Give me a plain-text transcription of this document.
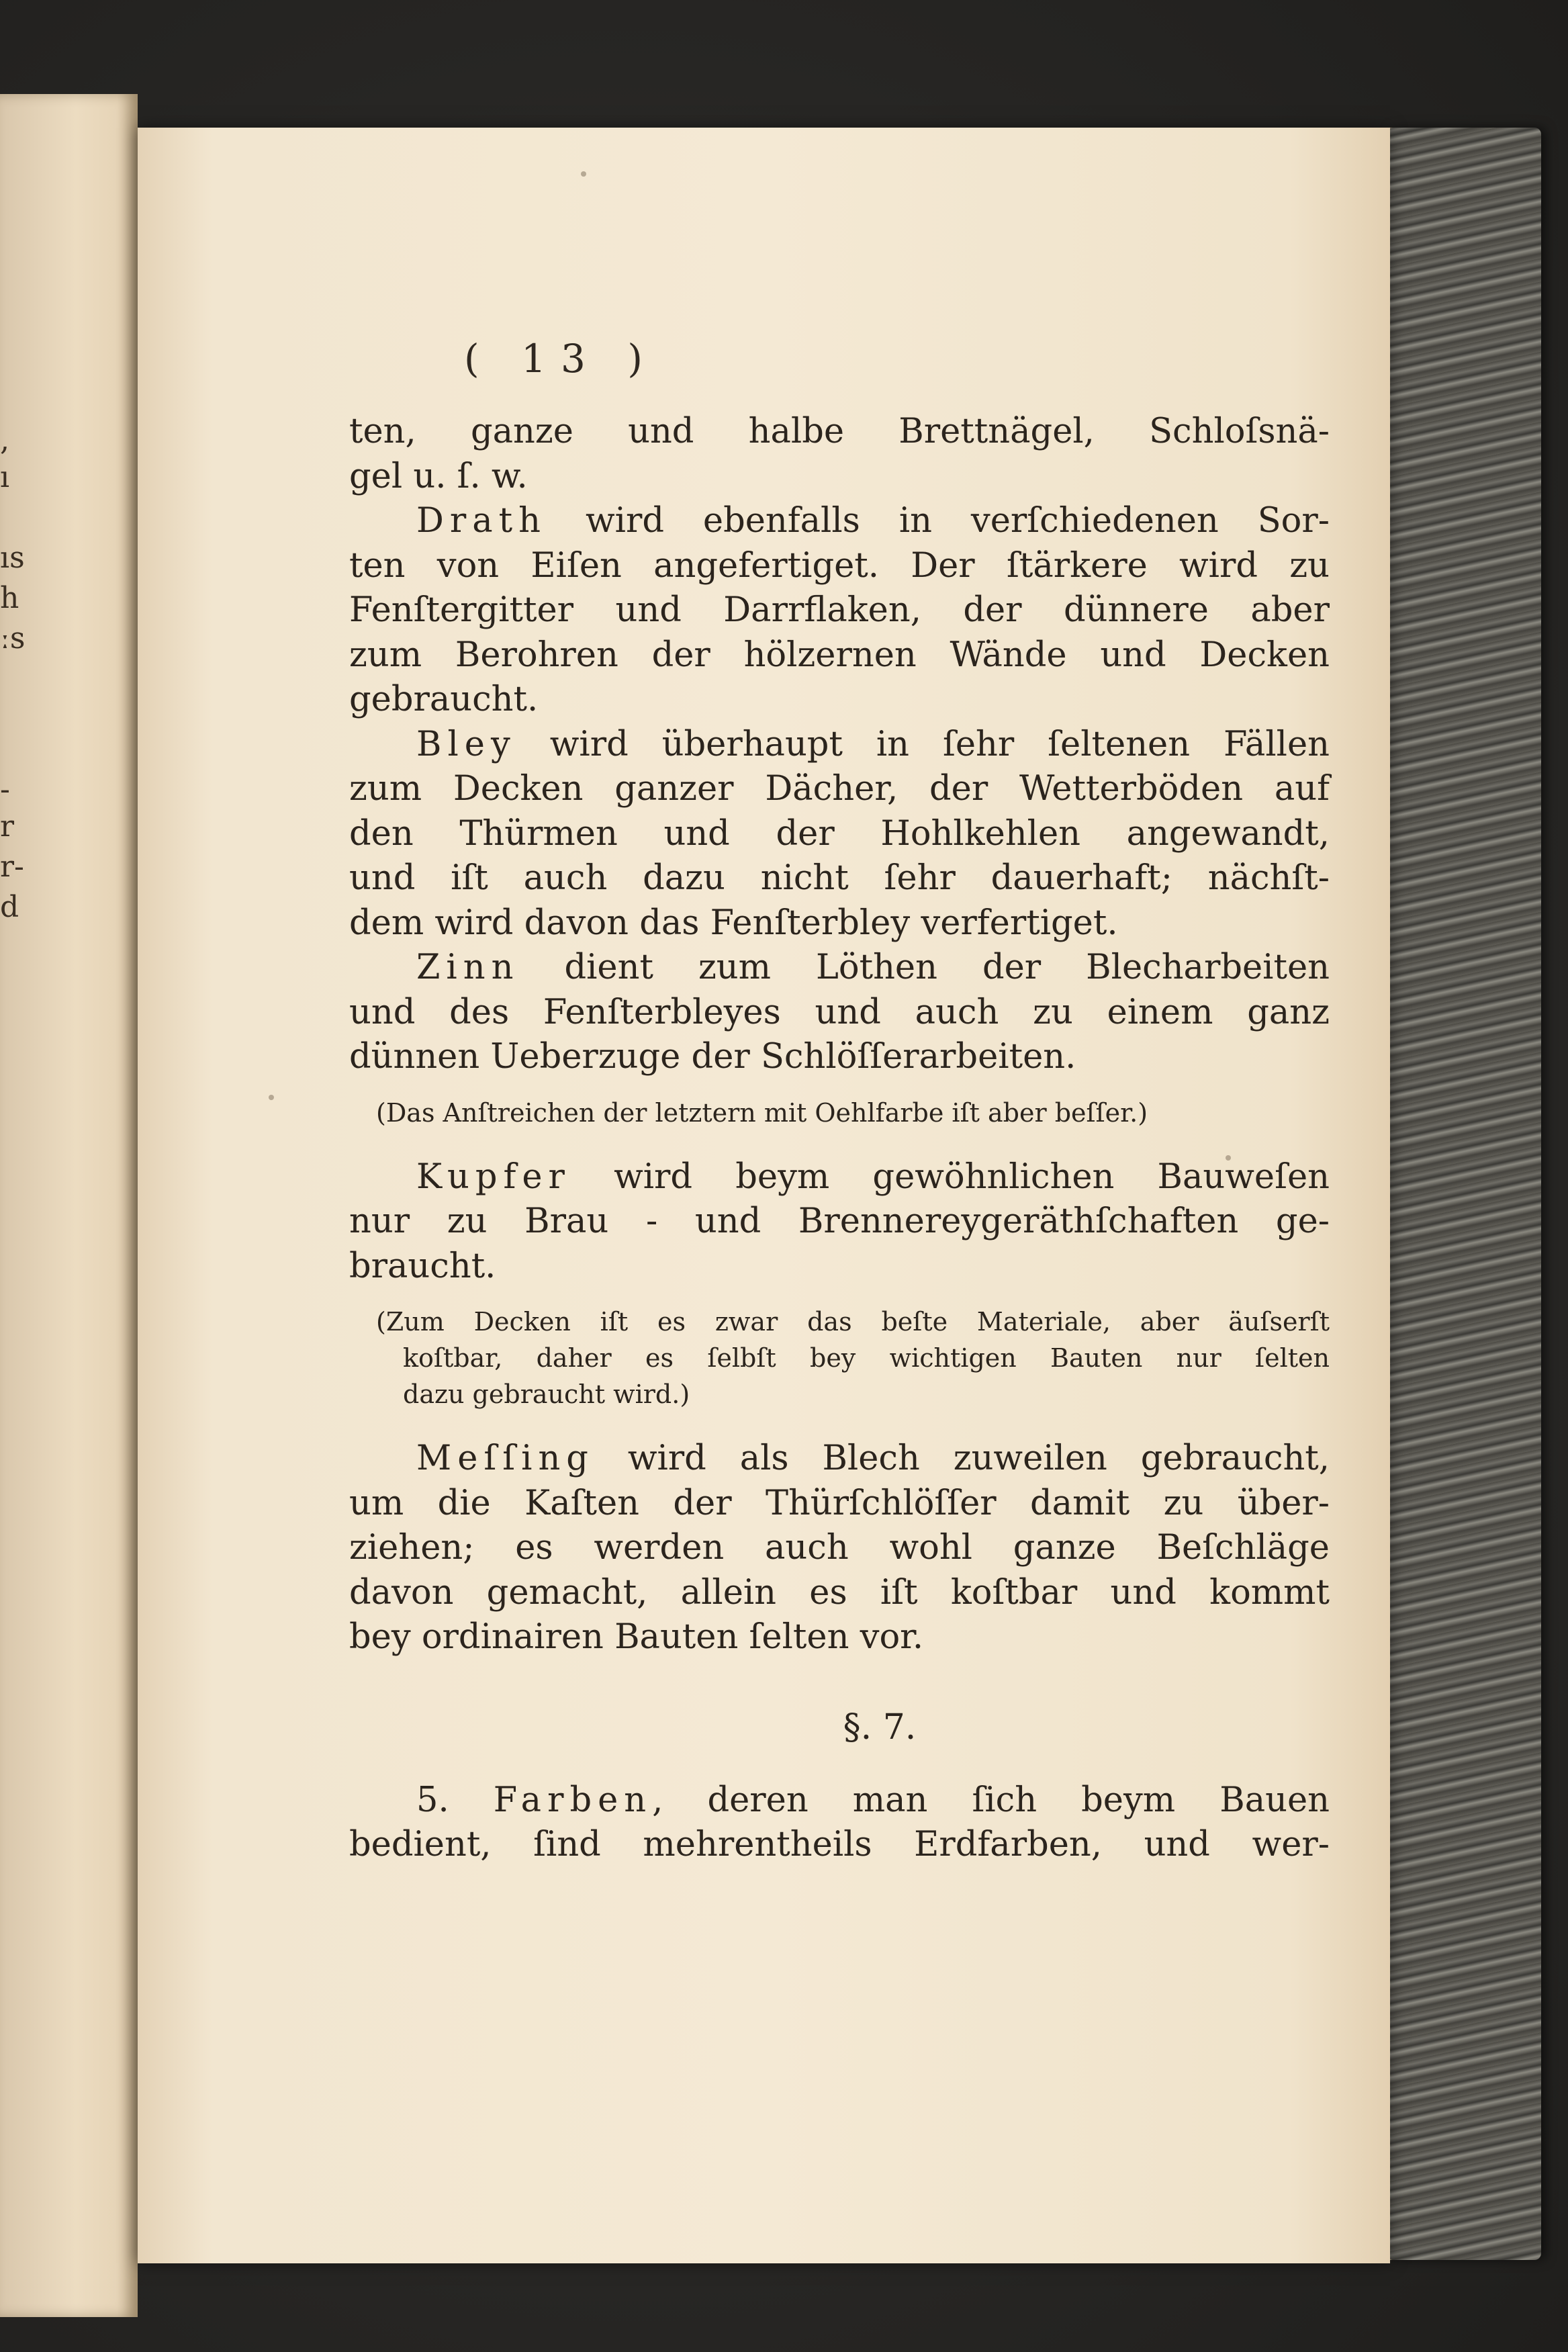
,
ı
ıs
h
ːs
-
r
r-
d
( 13 )
ten, ganze und halbe Brettnägel, Schloſsnä-
gel u. ſ. w.
Drath wird ebenfalls in verſchiedenen Sor-
ten von Eiſen angefertiget. Der ſtärkere wird zu
Fenſtergitter und Darrflaken, der dünnere aber
zum Berohren der hölzernen Wände und Decken
gebraucht.
Bley wird überhaupt in ſehr ſeltenen Fällen
zum Decken ganzer Dächer, der Wetterböden auf
den Thürmen und der Hohlkehlen angewandt,
und iſt auch dazu nicht ſehr dauerhaft; nächſt-
dem wird davon das Fenſterbley verfertiget.
Zinn dient zum Löthen der Blecharbeiten
und des Fenſterbleyes und auch zu einem ganz
dünnen Ueberzuge der Schlöſſerarbeiten.
(Das Anſtreichen der letztern mit Oehlfarbe iſt aber beſſer.)
Kupfer wird beym gewöhnlichen Bauweſen
nur zu Brau - und Brennereygeräthſchaften ge-
braucht.
(Zum Decken iſt es zwar das beſte Materiale, aber äuſserſt
koſtbar, daher es ſelbſt bey wichtigen Bauten nur ſelten
dazu gebraucht wird.)
Meſſing wird als Blech zuweilen gebraucht,
um die Kaſten der Thürſchlöſſer damit zu über-
ziehen; es werden auch wohl ganze Beſchläge
davon gemacht, allein es iſt koſtbar und kommt
bey ordinairen Bauten ſelten vor.
§. 7.
5. Farben, deren man ſich beym Bauen
bedient, ſind mehrentheils Erdfarben, und wer-
